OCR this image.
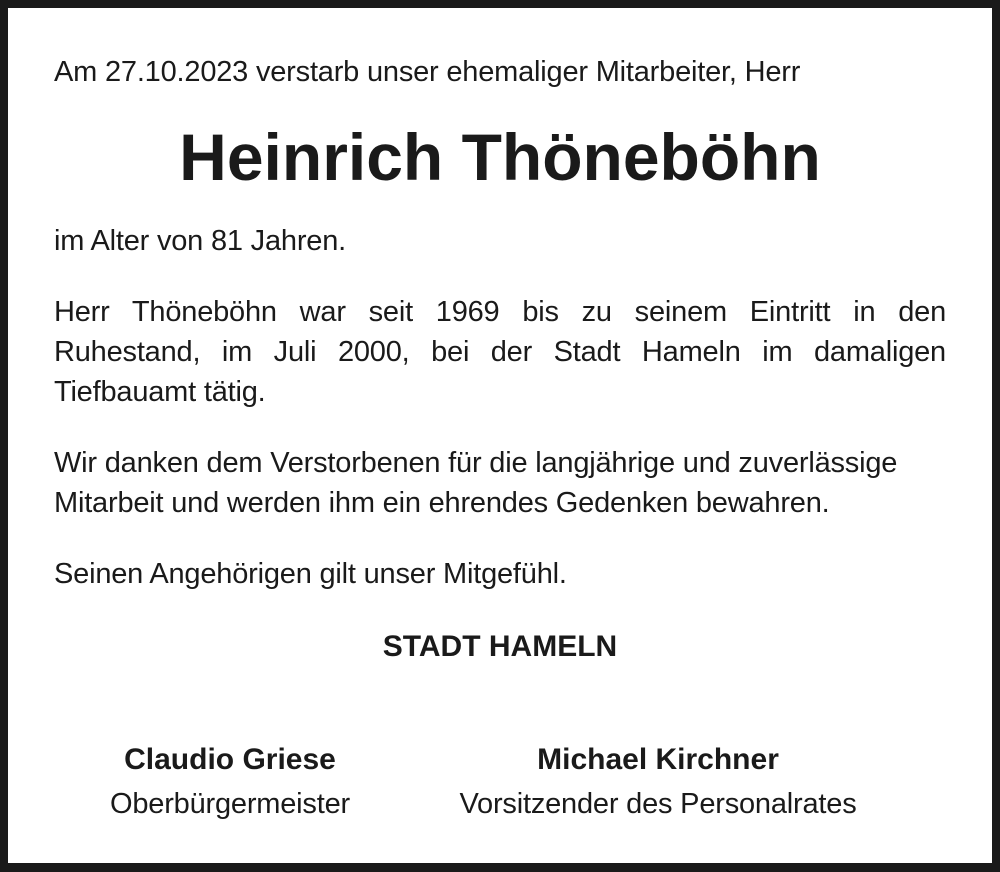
Am 27.10.2023 verstarb unser ehemaliger Mitarbeiter, Herr

Heinrich Thöneböhn

im Alter von 81 Jahren.

Herr Thöneböhn war seit 1969 bis zu seinem Eintritt in den Ruhestand, im Juli 2000, bei der Stadt Hameln im damaligen Tiefbauamt tätig.

Wir danken dem Verstorbenen für die langjährige und zuverlässige
Mitarbeit und werden ihm ein ehrendes Gedenken bewahren.

Seinen Angehörigen gilt unser Mitgefühl.

STADT HAMELN

Claudio Griese
Oberbürgermeister
Michael Kirchner
Vorsitzender des Personalrates
